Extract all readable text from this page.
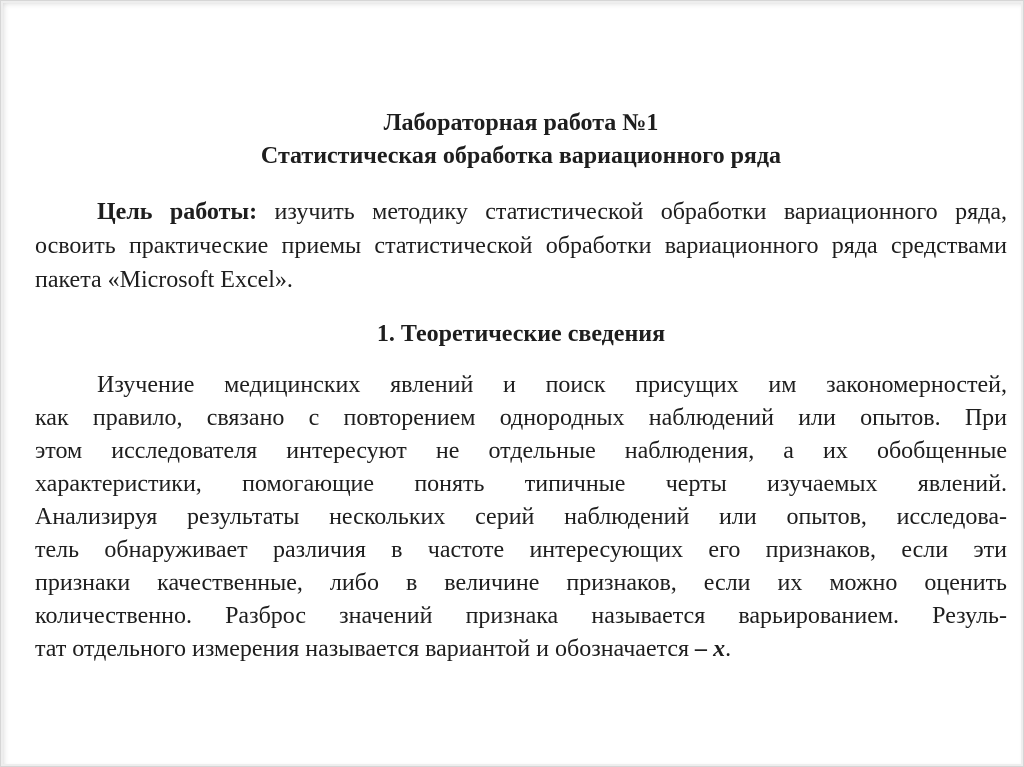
Лабораторная работа №1
Статистическая обработка вариационного ряда

Цель работы: изучить методику статистической обработки вариационного ряда, освоить практические приемы статистической обработки вариационного ряда средствами пакета «Microsoft Excel».

1. Теоретические сведения

Изучение медицинских явлений и поиск присущих им закономерностей,
как правило, связано с повторением однородных наблюдений или опытов. При
этом исследователя интересуют не отдельные наблюдения, а их обобщенные
характеристики, помогающие понять типичные черты изучаемых явлений.
Анализируя результаты нескольких серий наблюдений или опытов, исследова-
тель обнаруживает различия в частоте интересующих его признаков, если эти
признаки качественные, либо в величине признаков, если их можно оценить
количественно. Разброс значений признака называется варьированием. Резуль-
тат отдельного измерения называется вариантой и обозначается – x.
